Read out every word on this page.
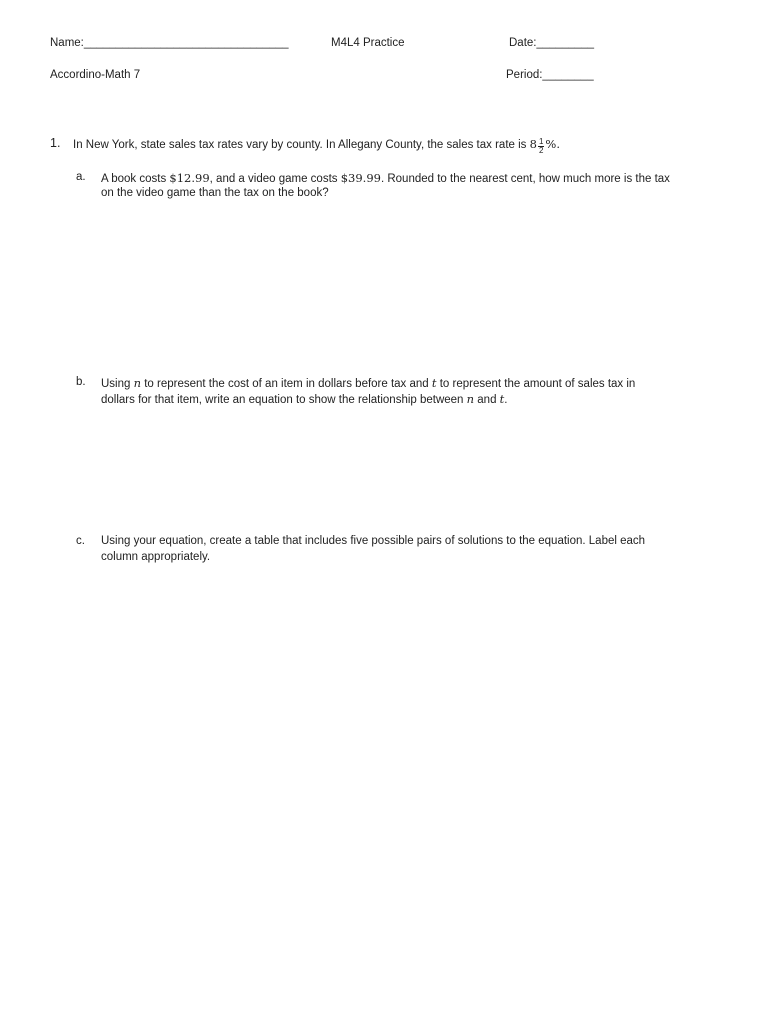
Name:________________________________	M4L4 Practice	Date:_________
Accordino-Math 7	Period:________
1. In New York, state sales tax rates vary by county. In Allegany County, the sales tax rate is $8 \frac{1}{2}$ %.
a. A book costs $12.99, and a video game costs $39.99. Rounded to the nearest cent, how much more is the tax
on the video game than the tax on the book?
b. Using n to represent the cost of an item in dollars before tax and t to represent the amount of sales tax in
dollars for that item, write an equation to show the relationship between n and t.
c. Using your equation, create a table that includes five possible pairs of solutions to the equation. Label each
column appropriately.
